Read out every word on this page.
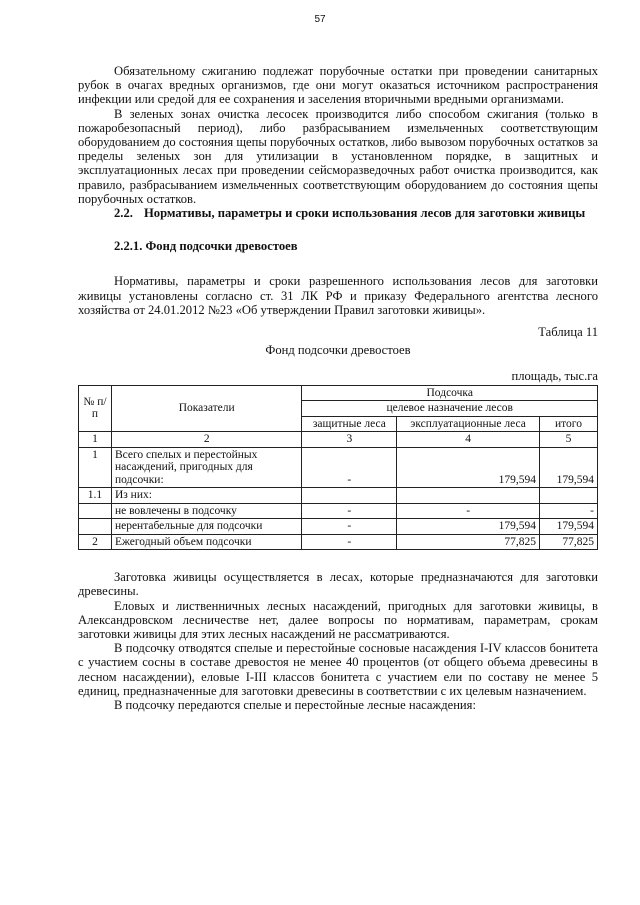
57

Обязательному сжиганию подлежат порубочные остатки при проведении санитарных рубок в очагах вредных организмов, где они могут оказаться источником распространения инфекции или средой для ее сохранения и заселения вторичными вредными организмами.

В зеленых зонах очистка лесосек производится либо способом сжигания (только в пожаробезопасный период), либо разбрасыванием измельченных соответствующим оборудованием до состояния щепы порубочных остатков, либо вывозом порубочных остатков за пределы зеленых зон для утилизации в установленном порядке, в защитных и эксплуатационных лесах при проведении сейсморазведочных работ очистка производится, как правило, разбрасыванием измельченных соответствующим оборудованием до состояния щепы порубочных остатков.

2.2. Нормативы, параметры и сроки использования лесов для заготовки живицы
2.2.1. Фонд подсочки древостоев

Нормативы, параметры и сроки разрешенного использования лесов для заготовки живицы установлены согласно ст. 31 ЛК РФ и приказу Федерального агентства лесного хозяйства от 24.01.2012 №23 «Об утверждении Правил заготовки живицы».

Таблица 11
Фонд подсочки древостоев
площадь, тыс.га
№ п/п	Показатели	Подсочка		
		целевое назначение лесов		
		защитные леса	эксплуатационные леса	итого
1	2	3	4	5
1	Всего спелых и перестойных насаждений, пригодных для подсочки:	-	179,594	179,594
1.1	Из них:			
	не вовлечены в подсочку	-	-	-
	нерентабельные для подсочки	-	179,594	179,594
2	Ежегодный объем подсочки	-	77,825	77,825

Заготовка живицы осуществляется в лесах, которые предназначаются для заготовки древесины.

Еловых и лиственничных лесных насаждений, пригодных для заготовки живицы, в Александровском лесничестве нет, далее вопросы по нормативам, параметрам, срокам заготовки живицы для этих лесных насаждений не рассматриваются.

В подсочку отводятся спелые и перестойные сосновые насаждения I-IV классов бонитета с участием сосны в составе древостоя не менее 40 процентов (от общего объема древесины в лесном насаждении), еловые I-III классов бонитета с участием ели по составу не менее 5 единиц, предназначенные для заготовки древесины в соответствии с их целевым назначением.

В подсочку передаются спелые и перестойные лесные насаждения:
